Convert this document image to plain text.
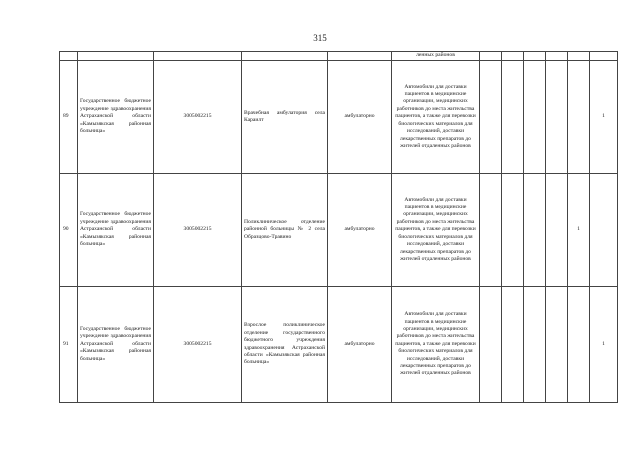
315
					ленных районов						
89	Государственное бюджетное учреждение здравоохранения Астраханской области «Камызякская районная больница»	3005002215	Врачебная амбулатория села Караилт	амбулаторно	Автомобили для доставки пациентов в медицинские организации, медицинских работников до места жительства пациентов, а также для перевозки биологических материалов для исследований, доставки лекарственных препаратов до жителей отдаленных районов						1
90	Государственное бюджетное учреждение здравоохранения Астраханской области «Камызякская районная больница»	3005002215	Поликлиническое отделение районной больницы № 2 села Образцово-Травино	амбулаторно	Автомобили для доставки пациентов в медицинские организации, медицинских работников до места жительства пациентов, а также для перевозки биологических материалов для исследований, доставки лекарственных препаратов до жителей отдаленных районов					1	
91	Государственное бюджетное учреждение здравоохранения Астраханской области «Камызякская районная больница»	3005002215	Взрослое поликлиническое отделение государственного бюджетного учреждения здравоохранения Астраханской области «Камызякская районная больница»	амбулаторно	Автомобили для доставки пациентов в медицинские организации, медицинских работников до места жительства пациентов, а также для перевозки биологических материалов для исследований, доставки лекарственных препаратов до жителей отдаленных районов						1
